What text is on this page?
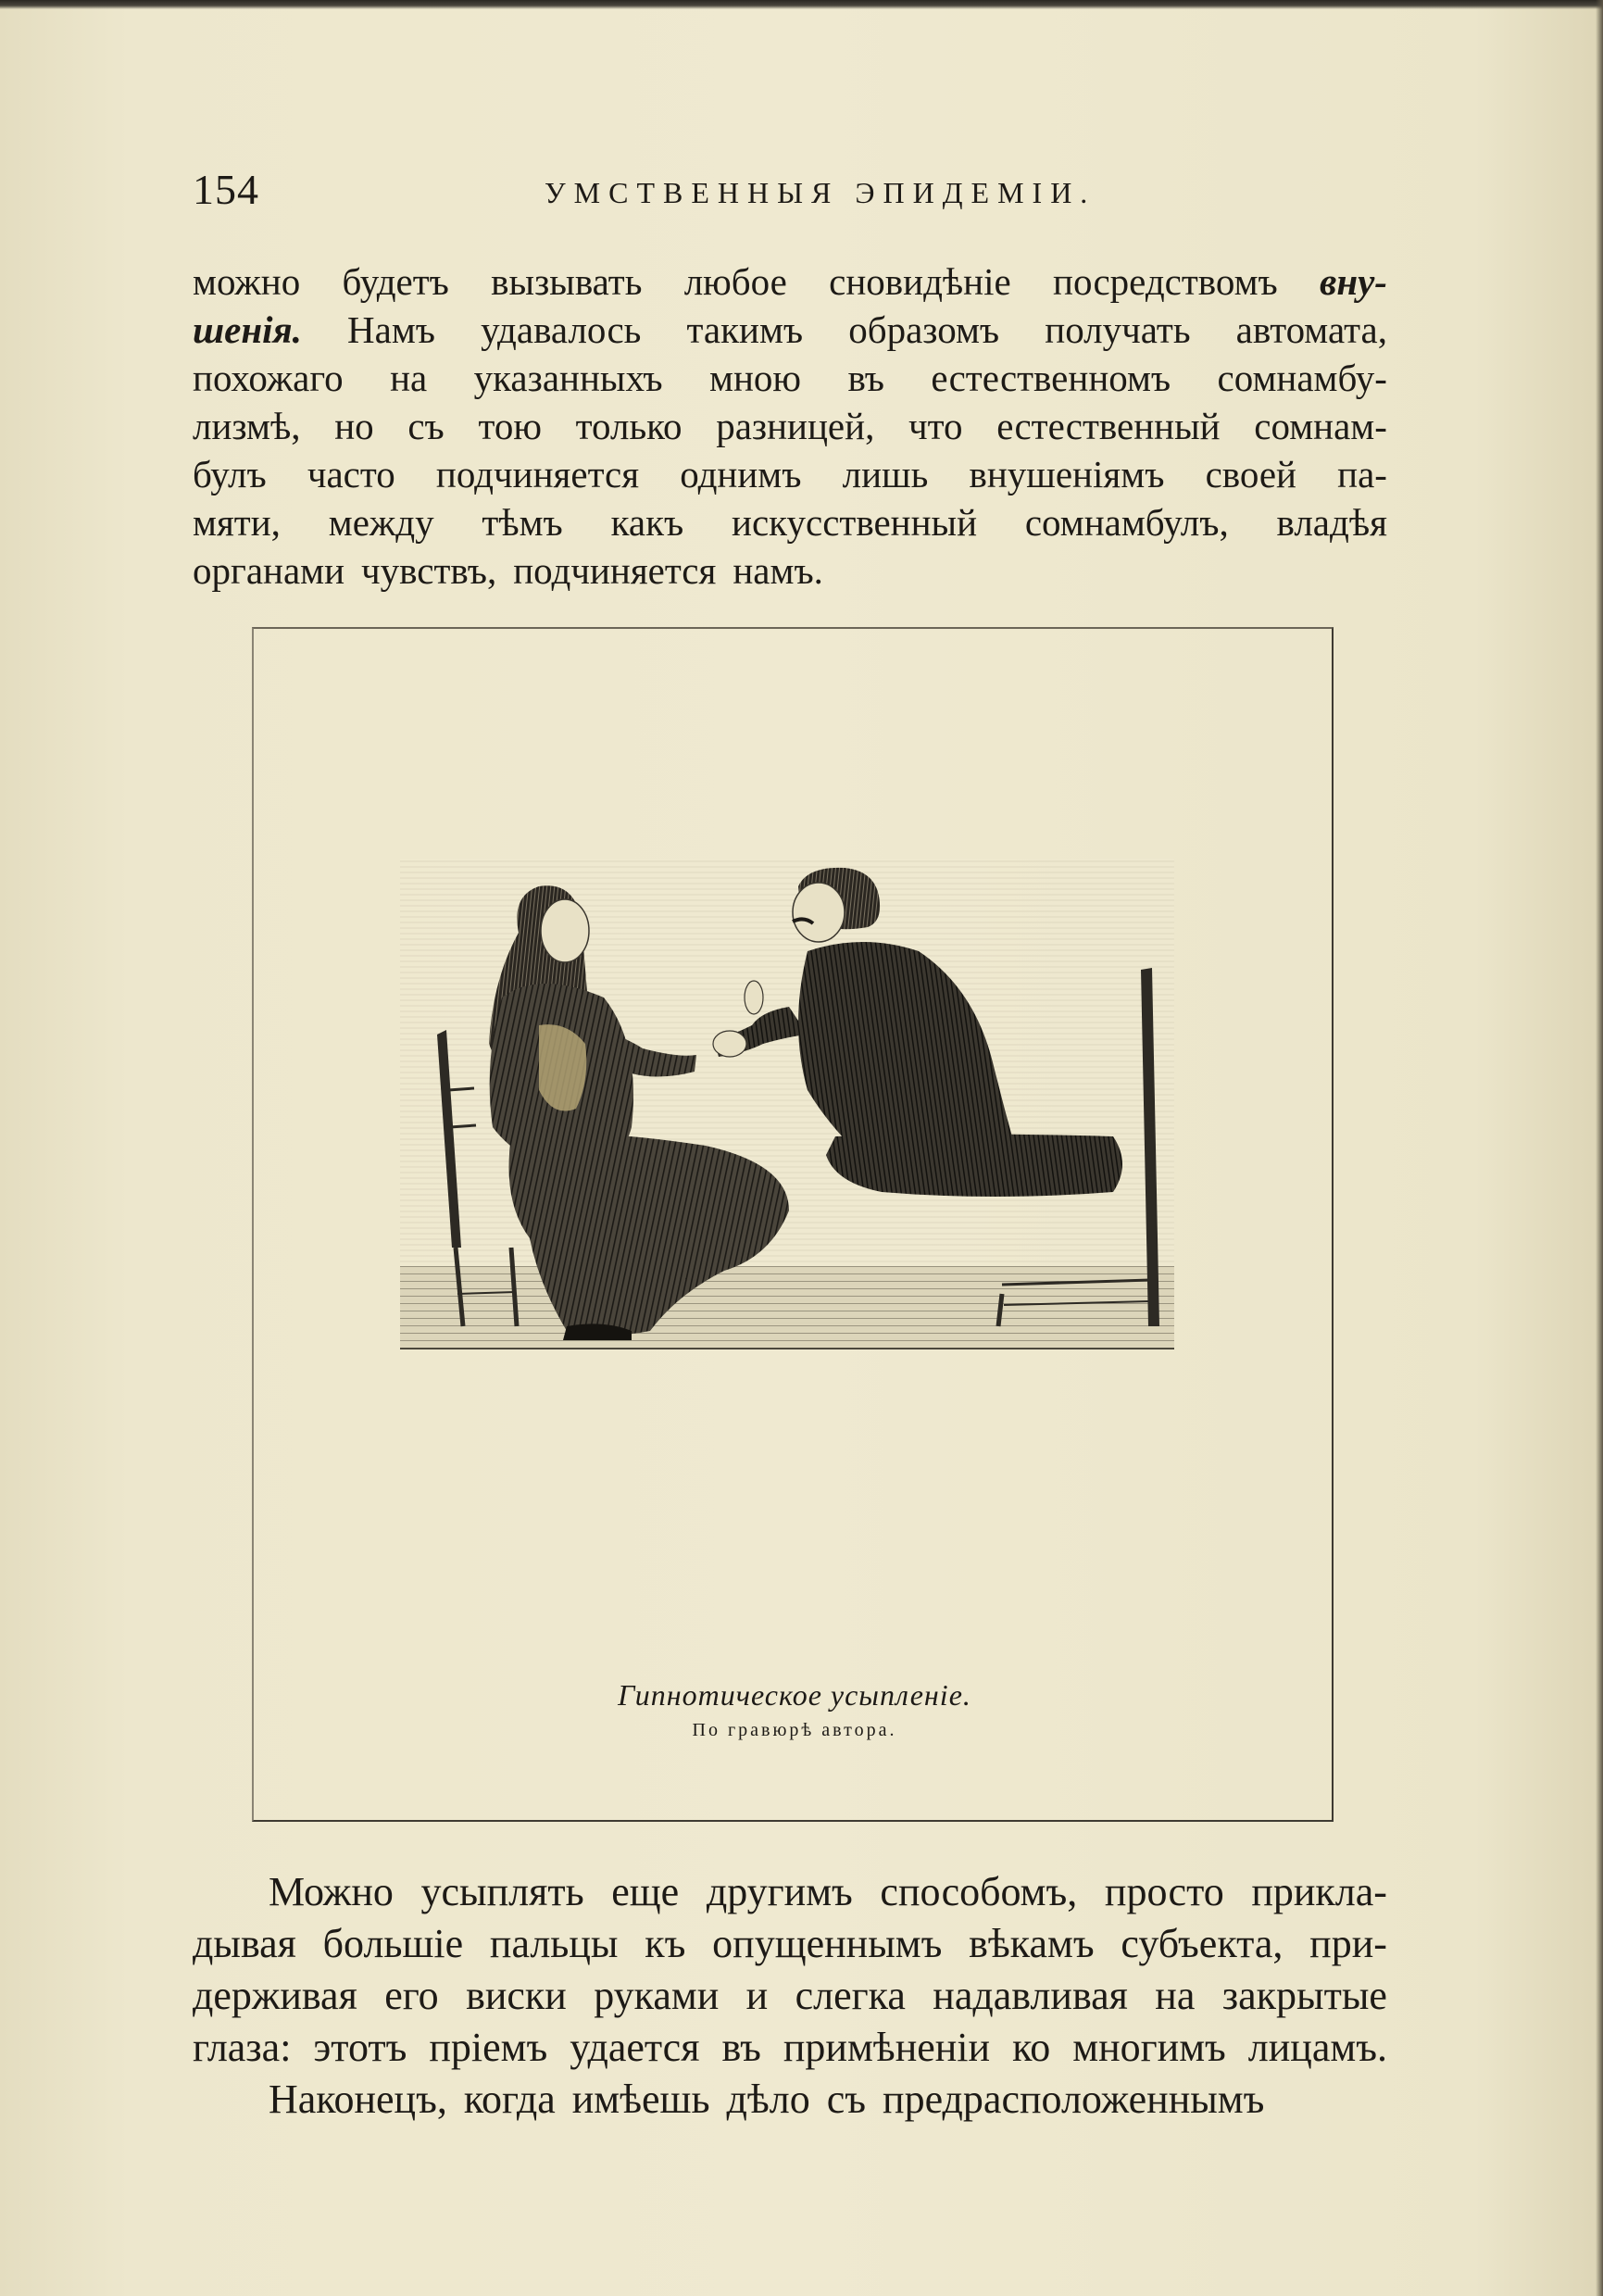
154	УМСТВЕННЫЯ ЭПИДЕМІИ.
можно будетъ вызывать любое сновидѣніе посредствомъ вну-
шенія. Намъ удавалось такимъ образомъ получать автомата,
похожаго на указанныхъ мною въ естественномъ сомнамбу-
лизмѣ, но съ тою только разницей, что естественный сомнам-
булъ часто подчиняется однимъ лишь внушеніямъ своей па-
мяти, между тѣмъ какъ искусственный сомнамбулъ, владѣя
органами чувствъ, подчиняется намъ.
Гипнотическое усыпленіе.
По гравюрѣ автора.
Можно усыплять еще другимъ способомъ, просто прикла-
дывая большіе пальцы къ опущеннымъ вѣкамъ субъекта, при-
держивая его виски руками и слегка надавливая на закрытые
глаза: этотъ пріемъ удается въ примѣненіи ко многимъ лицамъ.
Наконецъ, когда имѣешь дѣло съ предрасположеннымъ
